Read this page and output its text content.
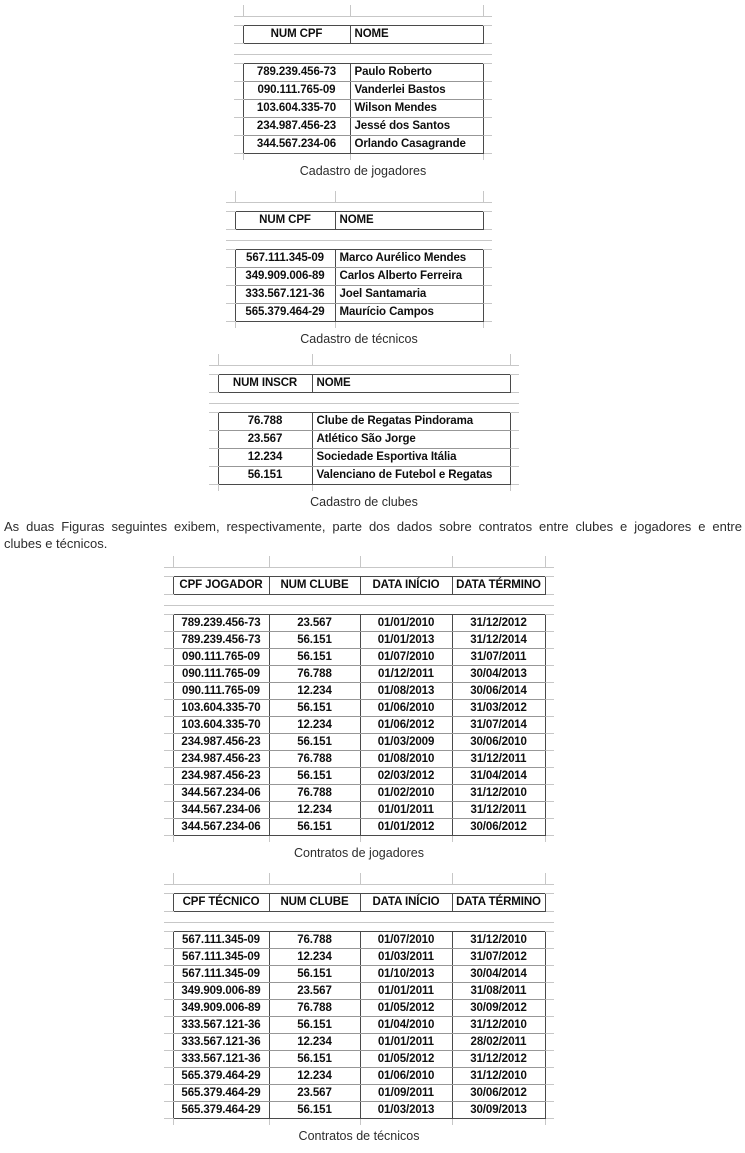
	NUM CPF	NOME	

	789.239.456-73	Paulo Roberto	
	090.111.765-09	Vanderlei Bastos	
	103.604.335-70	Wilson Mendes	
	234.987.456-23	Jessé dos Santos	
	344.567.234-06	Orlando Casagrande	

Cadastro de jogadores

	NUM CPF	NOME	

	567.111.345-09	Marco Aurélico Mendes	
	349.909.006-89	Carlos Alberto Ferreira	
	333.567.121-36	Joel Santamaria	
	565.379.464-29	Maurício Campos	

Cadastro de técnicos

	NUM INSCR	NOME	

	76.788	Clube de Regatas Pindorama	
	23.567	Atlético São Jorge	
	12.234	Sociedade Esportiva Itália	
	56.151	Valenciano de Futebol e Regatas	

Cadastro de clubes

As duas Figuras seguintes exibem, respectivamente, parte dos dados sobre contratos entre clubes e jogadores e entre
clubes e técnicos.

	CPF JOGADOR	NUM CLUBE	DATA INÍCIO	DATA TÉRMINO	

	789.239.456-73	23.567	01/01/2010	31/12/2012	
	789.239.456-73	56.151	01/01/2013	31/12/2014	
	090.111.765-09	56.151	01/07/2010	31/07/2011	
	090.111.765-09	76.788	01/12/2011	30/04/2013	
	090.111.765-09	12.234	01/08/2013	30/06/2014	
	103.604.335-70	56.151	01/06/2010	31/03/2012	
	103.604.335-70	12.234	01/06/2012	31/07/2014	
	234.987.456-23	56.151	01/03/2009	30/06/2010	
	234.987.456-23	76.788	01/08/2010	31/12/2011	
	234.987.456-23	56.151	02/03/2012	31/04/2014	
	344.567.234-06	76.788	01/02/2010	31/12/2010	
	344.567.234-06	12.234	01/01/2011	31/12/2011	
	344.567.234-06	56.151	01/01/2012	30/06/2012	

Contratos de jogadores

	CPF TÉCNICO	NUM CLUBE	DATA INÍCIO	DATA TÉRMINO	

	567.111.345-09	76.788	01/07/2010	31/12/2010	
	567.111.345-09	12.234	01/03/2011	31/07/2012	
	567.111.345-09	56.151	01/10/2013	30/04/2014	
	349.909.006-89	23.567	01/01/2011	31/08/2011	
	349.909.006-89	76.788	01/05/2012	30/09/2012	
	333.567.121-36	56.151	01/04/2010	31/12/2010	
	333.567.121-36	12.234	01/01/2011	28/02/2011	
	333.567.121-36	56.151	01/05/2012	31/12/2012	
	565.379.464-29	12.234	01/06/2010	31/12/2010	
	565.379.464-29	23.567	01/09/2011	30/06/2012	
	565.379.464-29	56.151	01/03/2013	30/09/2013	

Contratos de técnicos
